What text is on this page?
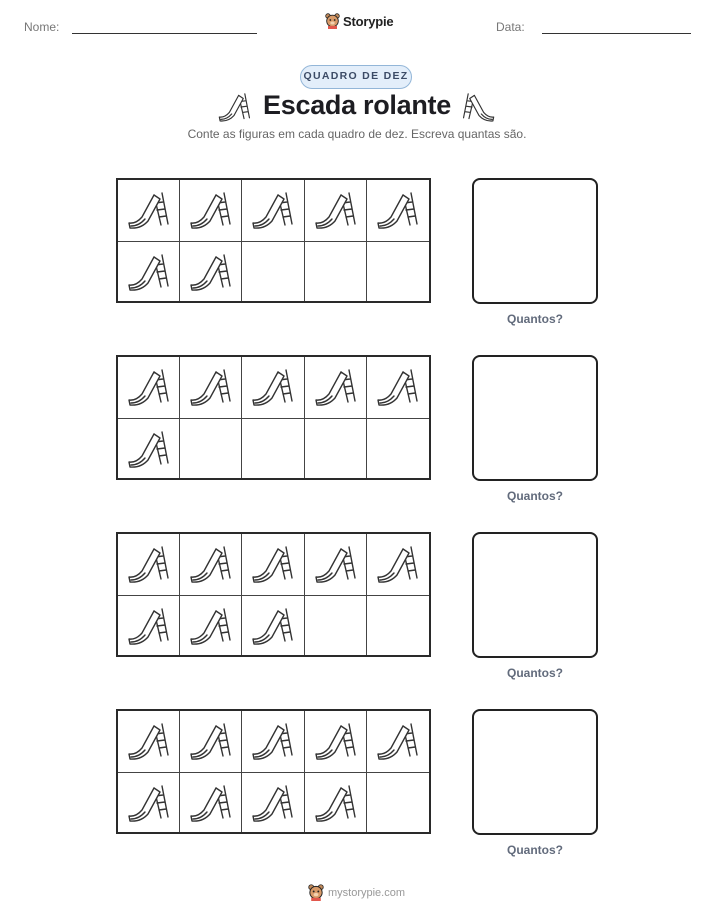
Nome:	Storypie	Data:
QUADRO DE DEZ
Escada rolante
Conte as figuras em cada quadro de dez. Escreva quantas são.
Quantos?
Quantos?
Quantos?
Quantos?
mystorypie.com
